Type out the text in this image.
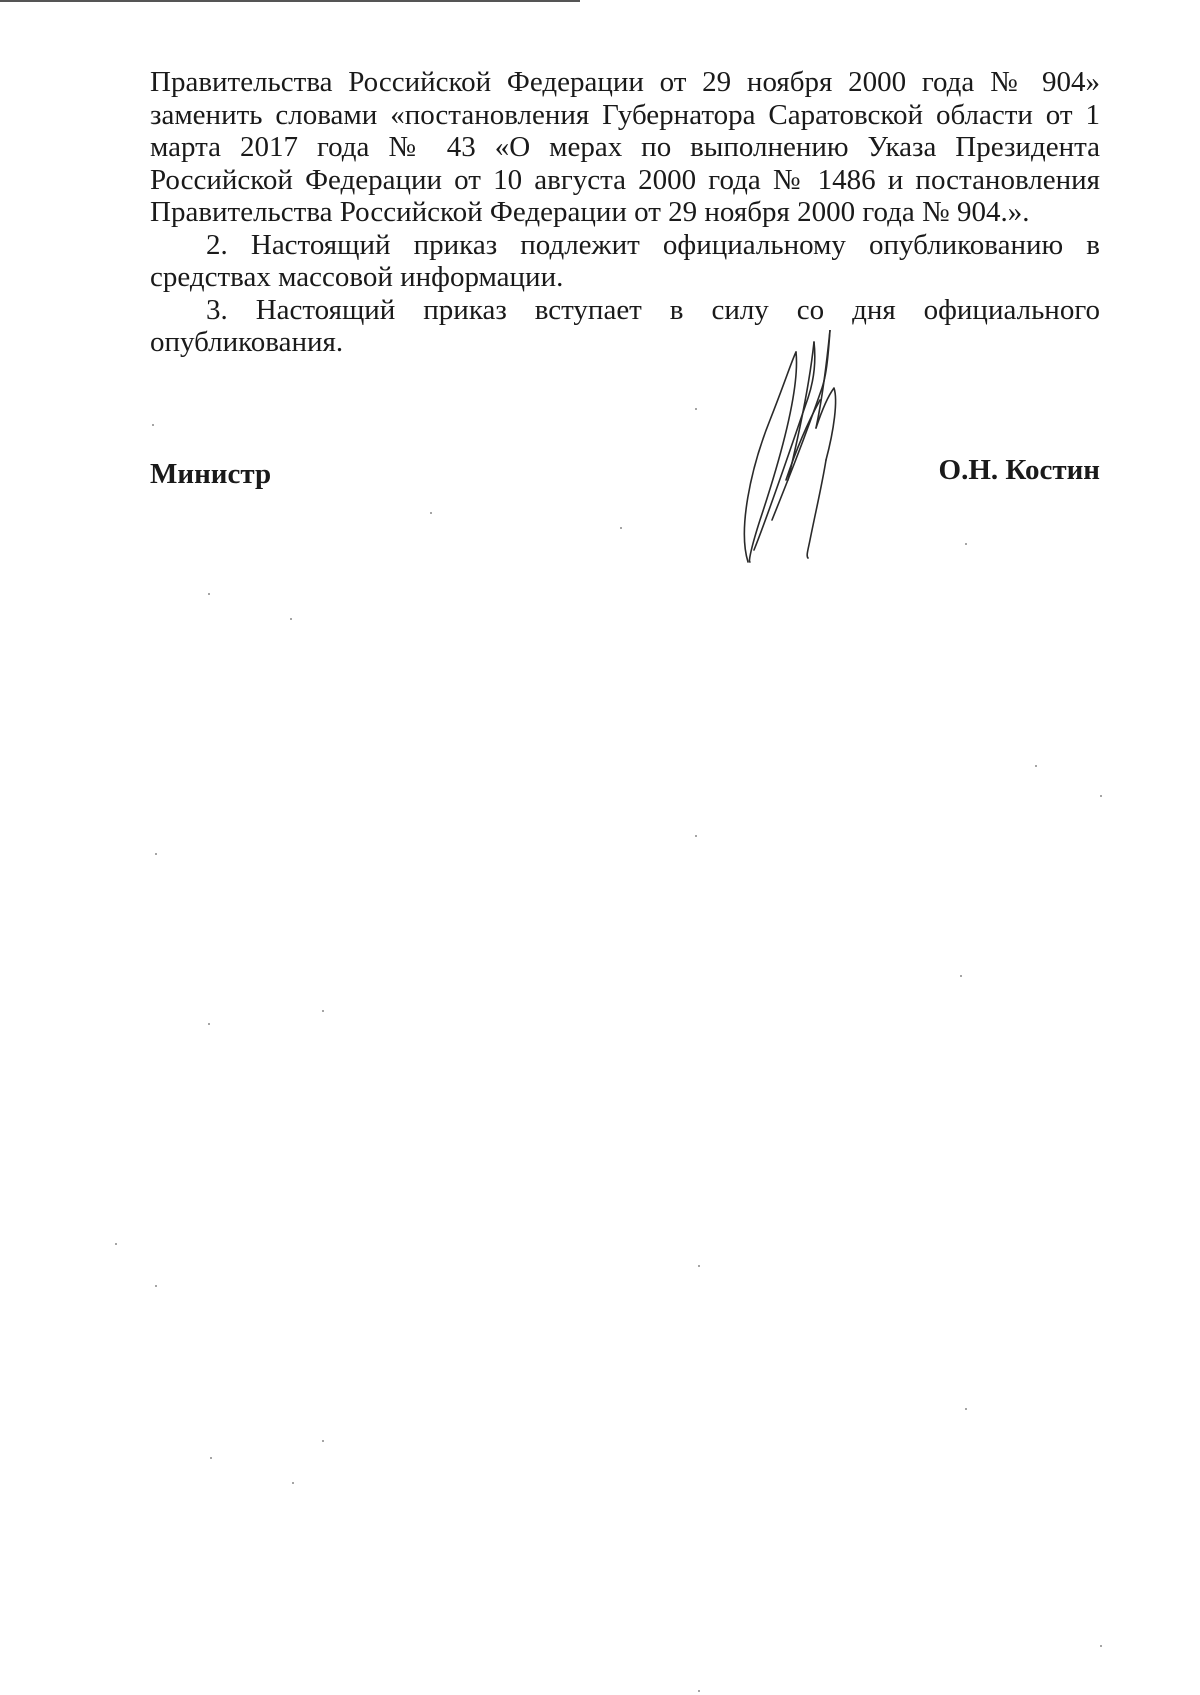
Правительства Российской Федерации от 29 ноября 2000 года № 904» заменить словами «постановления Губернатора Саратовской области от 1 марта 2017 года № 43 «О мерах по выполнению Указа Президента Российской Федерации от 10 августа 2000 года № 1486 и постановления Правительства Российской Федерации от 29 ноября 2000 года № 904.».

2. Настоящий приказ подлежит официальному опубликованию в средствах массовой информации.

3. Настоящий приказ вступает в силу со дня официального опубликования.

Министр	О.Н. Костин
